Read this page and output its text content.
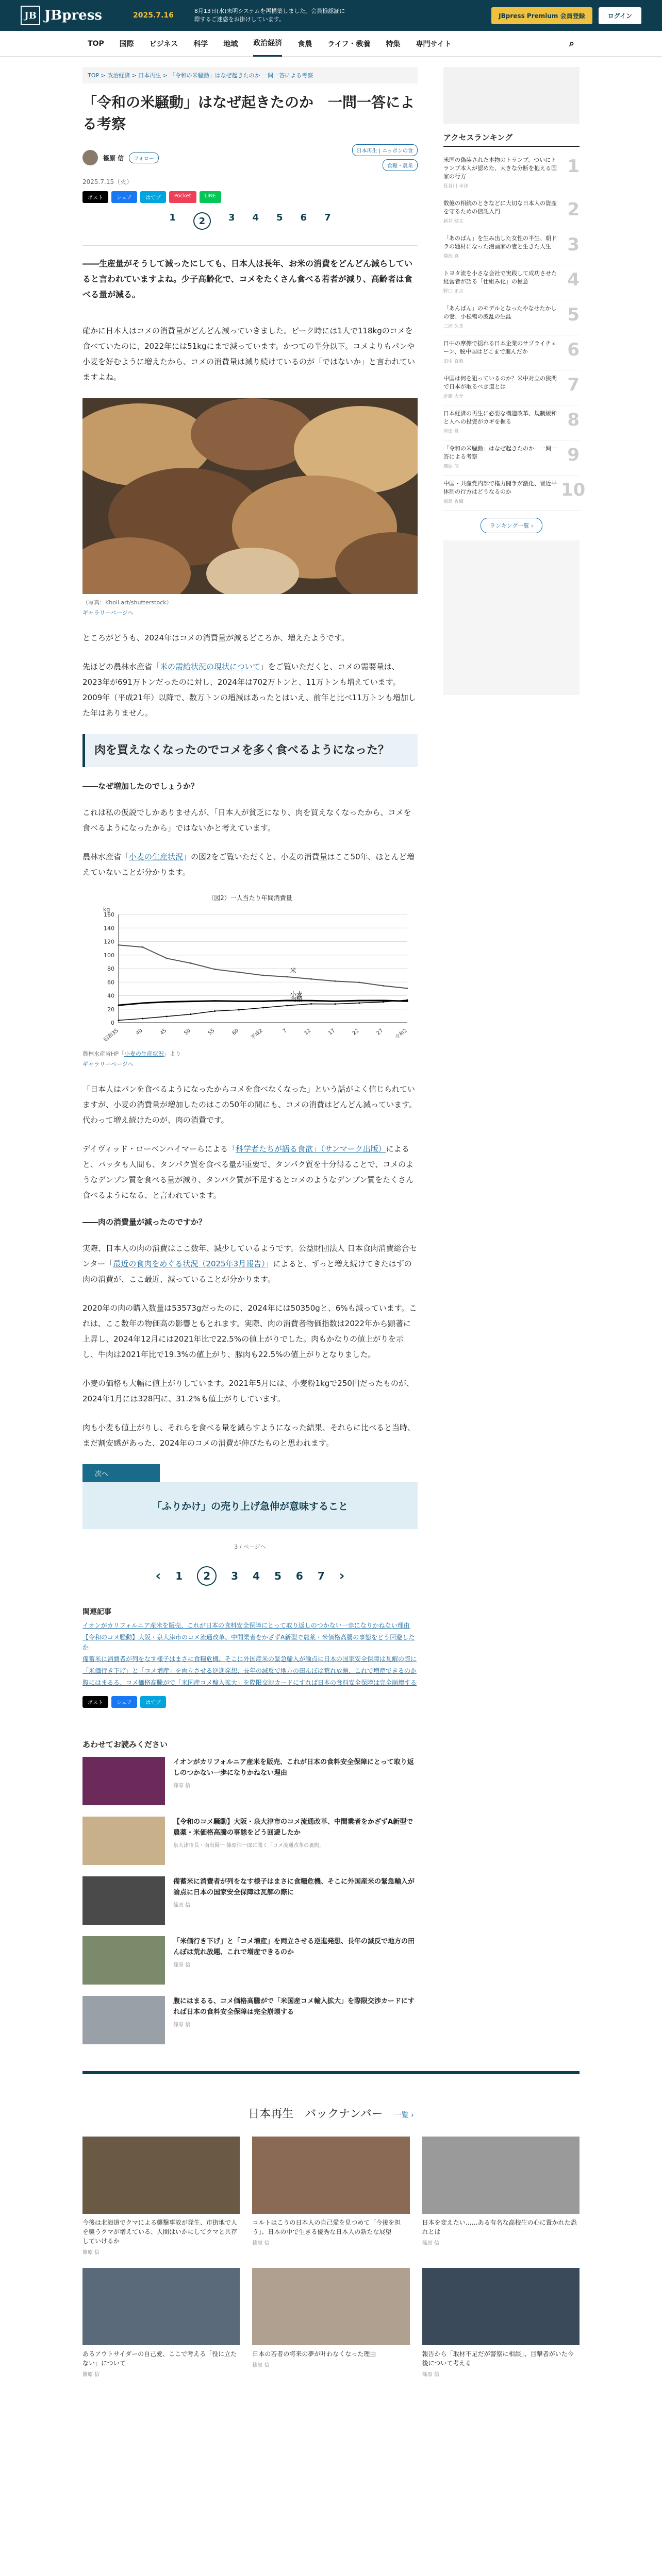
JB JBpress	2025.7.16
8月13日(水)未明システムを再構築しました。会員様認証に際するご迷惑をお掛けしています。	JBpress Premium 会員登録	ログイン
TOP 国際 ビジネス 科学 地域 政治経済 食農 ライフ・教養 特集 専門サイト	⌕
TOP > 政治経済 > 日本再生 > 「令和の米騒動」はなぜ起きたのか 一問一答による考察
「令和の米騒動」はなぜ起きたのか　一問一答による考察
篠原 信	フォロー
日本再生 | ニッポンの食
食糧・農業
2025.7.15（火）
ポスト	シェア	はてブ	Pocket	LINE
1	2	3 4 5 6 7
――生産量がそうして減ったにしても、日本人は長年、お米の消費をどんどん減らしていると言われていますよね。少子高齢化で、コメをたくさん食べる若者が減り、高齢者は食べる量が減る。

確かに日本人はコメの消費量がどんどん減っていきました。ピーク時には1人で118kgのコメを食べていたのに、2022年には51kgにまで減っています。かつての半分以下。コメよりもパンや小麦を好むように増えたから、コメの消費量は減り続けているのが「ではないか」と言われていますよね。

（写真：Kholi.art/shutterstock）
ギャラリーページへ

ところがどうも、2024年はコメの消費量が減るどころか、増えたようです。

先ほどの農林水産省「米の需給状況の現状について」をご覧いただくと、コメの需要量は、2023年が691万トンだったのに対し、2024年は702万トンと、11万トンも増えています。2009年（平成21年）以降で、数万トンの増減はあったとはいえ、前年と比べ11万トンも増加した年はありません。

肉を買えなくなったのでコメを多く食べるようになった？
――なぜ増加したのでしょうか？

これは私の仮説でしかありませんが、「日本人が貧乏になり、肉を買えなくなったから、コメを食べるようになったから」ではないかと考えています。

農林水産省「小麦の生産状況」の図2をご覧いただくと、小麦の消費量はここ50年、ほとんど増えていないことが分かります。

（図2）一人当たり年間消費量
0
20
40
60
80
100
120
140
160
kg
昭和35	40	45	50	55	60 平成2	7	12	17	22	27 令和2
米
小麦
肉類
農林水産省HP「小麦の生産状況」より
ギャラリーページへ

「日本人はパンを食べるようになったからコメを食べなくなった」という話がよく信じられていますが、小麦の消費量が増加したのはこの50年の間にも、コメの消費はどんどん減っています。代わって増え続けたのが、肉の消費です。

デイヴィッド・ローベンハイマーらによる「科学者たちが語る食欲」（サンマーク出版）によると、バッタも人間も、タンパク質を食べる量が重要で、タンパク質を十分得ることで、コメのようなデンプン質を食べる量が減り、タンパク質が不足するとコメのようなデンプン質をたくさん食べるようになる、と言われています。

――肉の消費量が減ったのですか？

実際、日本人の肉の消費はここ数年、減少しているようです。公益財団法人 日本食肉消費総合センター「最近の食肉をめぐる状況（2025年3月報告）」によると、ずっと増え続けてきたはずの肉の消費が、ここ最近、減っていることが分かります。

2020年の肉の購入数量は53573gだったのに、2024年には50350gと、6%も減っています。これは、ここ数年の物価高の影響ともとれます。実際、肉の消費者物価指数は2022年から顕著に上昇し、2024年12月には2021年比で22.5%の値上がりでした。肉もかなりの値上がりを示し、牛肉は2021年比で19.3%の値上がり、豚肉も22.5%の値上がりとなりました。

小麦の価格も大幅に値上がりしています。2021年5月には、小麦粉1kgで250円だったものが、2024年1月には328円に、31.2%も値上がりしています。

肉も小麦も値上がりし、それらを食べる量を減らすようになった結果、それらに比べると当時、まだ割安感があった、2024年のコメの消費が伸びたものと思われます。

次へ
「ふりかけ」の売り上げ急伸が意味すること
3 / ページへ
‹ 1	2	3 4 5 6 7 ›
関連記事
イオンがカリフォルニア産米を販売、これが日本の食料安全保障にとって取り返しのつかない一歩になりかねない理由
【令和のコメ騒動】大阪・泉大津市のコメ流通改革、中間業者をかざずA新型で農薬・米価格高騰の事態をどう回避したか
備蓄米に消費者が列をなす様子はまさに食糧危機、そこに外国産米の緊急輸入が論点に日本の国家安全保障は瓦解の際に
「米価行き下げ」と「コメ増産」を両立させる逆進発想、長年の減反で地方の田んぼは荒れ放題、これで増産できるのか
腹にはまるる、コメ価格高騰がで「米国産コメ輸入拡大」を際限交渉カードにすれば日本の食料安全保障は完全崩壊する
ポスト	シェア	はてブ
あわせてお読みください
イオンがカリフォルニア産米を販売、これが日本の食料安全保障にとって取り返しのつかない一歩になりかねない理由
篠原 信
【令和のコメ騒動】大阪・泉大津市のコメ流通改革、中間業者をかざずA新型で農薬・米価格高騰の事態をどう回避したか
泉大津市長・南出賢一 篠原信一郎に聞く「コメ流通改革の裏側」
備蓄米に消費者が列をなす様子はまさに食糧危機、そこに外国産米の緊急輸入が論点に日本の国家安全保障は瓦解の際に
篠原 信
「米価行き下げ」と「コメ増産」を両立させる逆進発想、長年の減反で地方の田んぼは荒れ放題、これで増産できるのか
篠原 信
腹にはまるる、コメ価格高騰がで「米国産コメ輸入拡大」を際限交渉カードにすれば日本の食料安全保障は完全崩壊する
篠原 信
アクセスランキング
米国の偽装された本物のトランプ、ついにトランプ本人が認めた、大きな分断を抱える国家の行方
長谷川 幸洋
1
数億の相続のときなどに大切な日本人の資産を守るための信託入門
新井 健太
2
「あのぱん」を生み出した女性の半生、朝ドラの題材になった漫画家の妻と生きた人生
菊池 寛
3
トヨタ流を小さな会社で実践して成功させた経営者が語る「仕組み化」の極意
野口 正志
4
「あんぱん」のモデルとなったやなせたかしの妻、小松暢の波乱の生涯
三浦 久美
5
日中の摩擦で揺れる日本企業のサプライチェーン、脱中国はどこまで進んだか
田中 直毅
6
中国は何を狙っているのか？米中対立の狭間で日本が取るべき道とは
近藤 大介
7
日本経済の再生に必要な構造改革、規制緩和と人への投資がカギを握る
吉田 修
8
「令和の米騒動」はなぜ起きたのか　一問一答による考察
篠原 信
9
中国・共産党内部で権力闘争が激化、習近平体制の行方はどうなるのか
福島 香織
10
ランキング一覧 ›
日本再生　バックナンバー　 一覧 ›
今後は北海道でクマによる襲撃事故が発生、市街地で人を襲うクマが増えている、人間はいかにしてクマと共存していけるか
篠原 信
コルトはこうの日本人の自己愛を見つめて「今後を担う」、日本の中で生きる優秀な日本人の新たな展望
篠原 信
日本を変えたい……ある有名な高校生の心に置かれた恐れとは
篠原 信
あるアウトサイダーの自己愛、ここで考える「役に立たない」について
篠原 信
日本の若者の将来の夢が叶わなくなった理由
篠原 信
報告から「取材不足だが警察に相談」、目撃者がいた今後について考える
篠原 信
